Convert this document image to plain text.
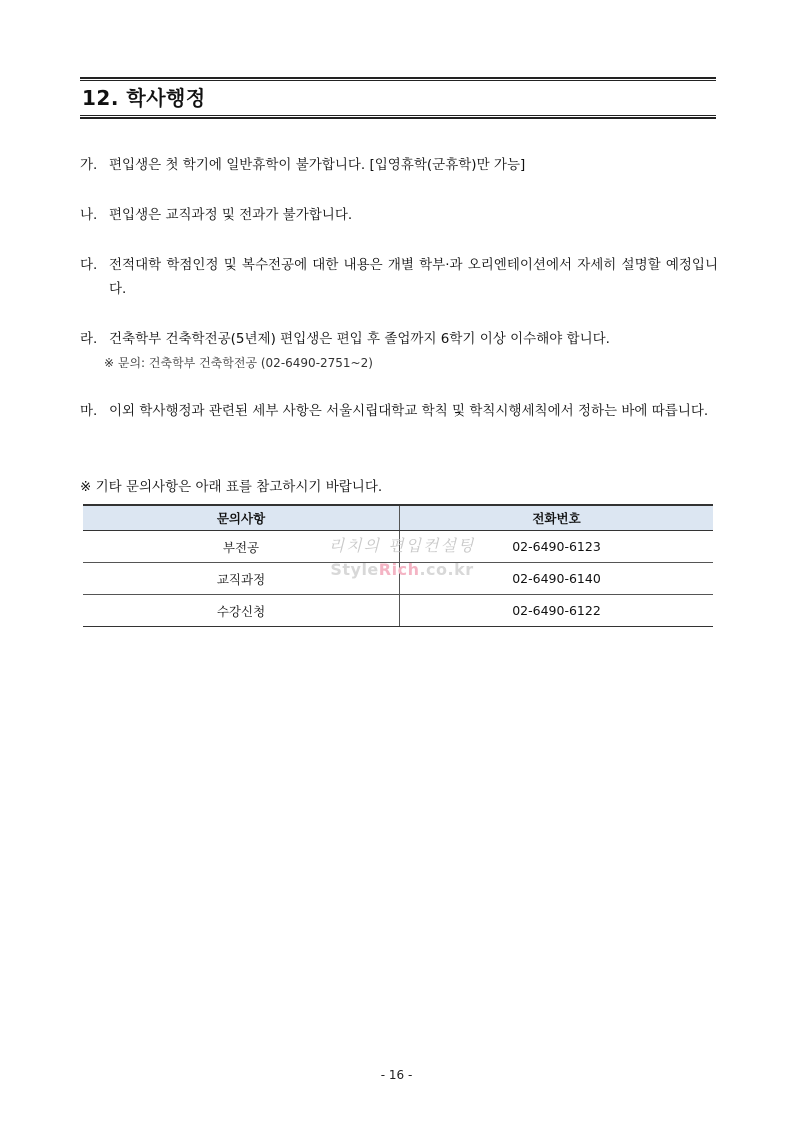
12. 학사행정
가. 편입생은 첫 학기에 일반휴학이 불가합니다. [입영휴학(군휴학)만 가능]
나. 편입생은 교직과정 및 전과가 불가합니다.
다. 전적대학 학점인정 및 복수전공에 대한 내용은 개별 학부·과 오리엔테이션에서 자세히 설명할 예정입니다.
라. 건축학부 건축학전공(5년제) 편입생은 편입 후 졸업까지 6학기 이상 이수해야 합니다.
※ 문의: 건축학부 건축학전공 (02-6490-2751~2)
마. 이외 학사행정과 관련된 세부 사항은 서울시립대학교 학칙 및 학칙시행세칙에서 정하는 바에 따릅니다.
※ 기타 문의사항은 아래 표를 참고하시기 바랍니다.
문의사항	전화번호
부전공	02-6490-6123
교직과정	02-6490-6140
수강신청	02-6490-6122
리치의 편입컨설팅
StyleRich.co.kr
- 16 -
